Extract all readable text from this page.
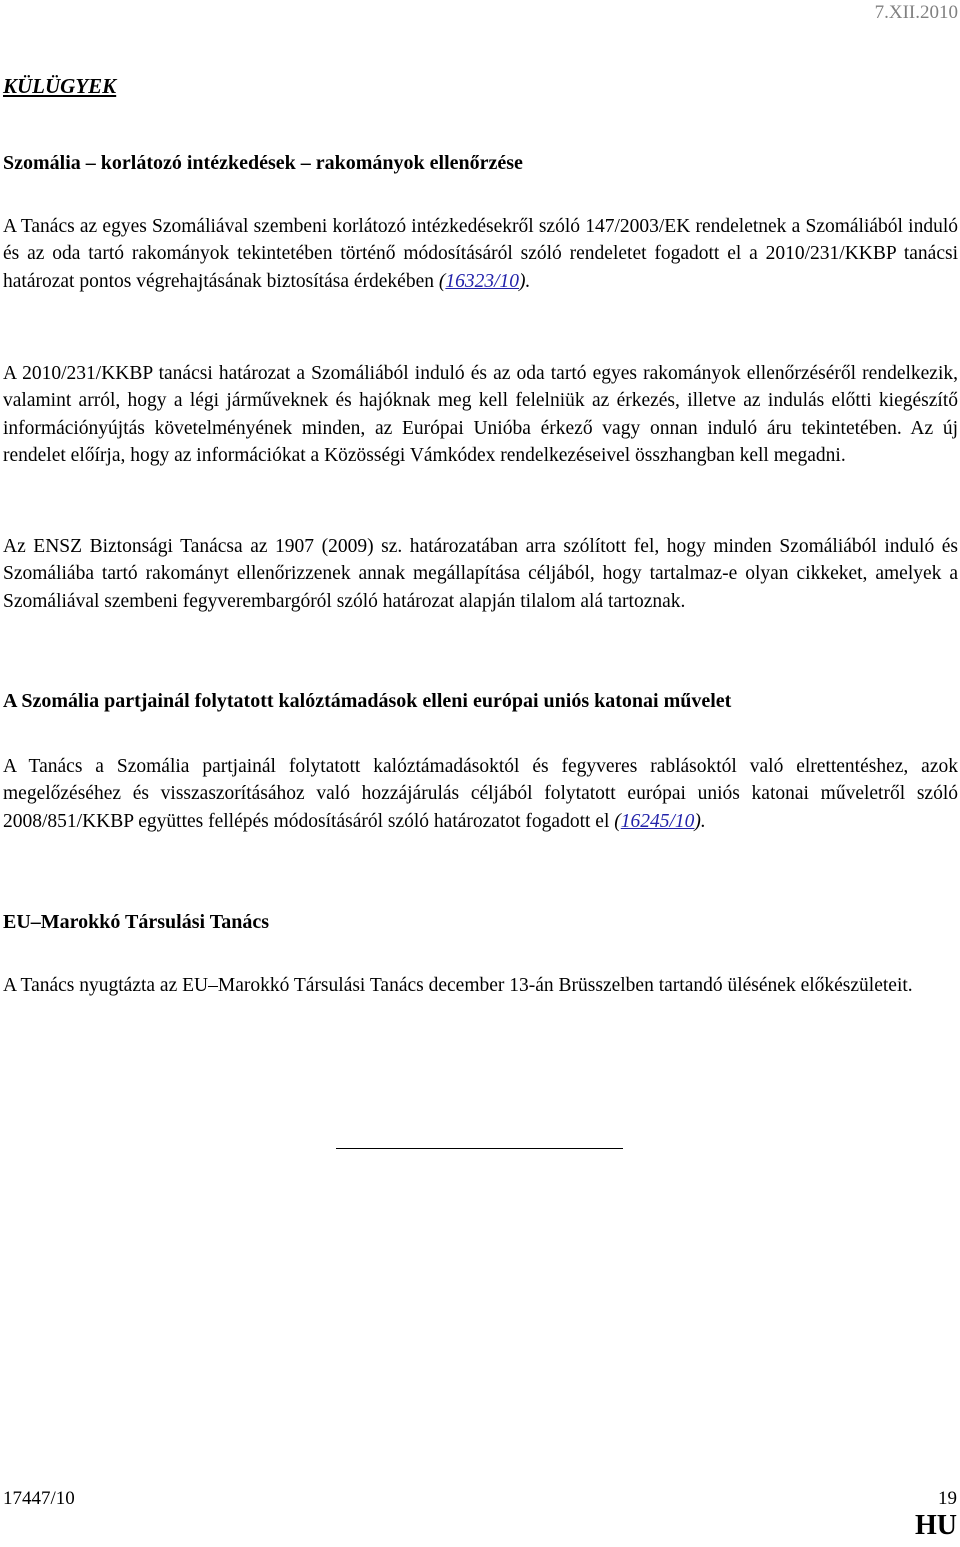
7.XII.2010
KÜLÜGYEK
Szomália – korlátozó intézkedések – rakományok ellenőrzése

A Tanács az egyes Szomáliával szembeni korlátozó intézkedésekről szóló 147/2003/EK rendeletnek a Szomáliából induló és az oda tartó rakományok tekintetében történő módosításáról szóló rendeletet fogadott el a 2010/231/KKBP tanácsi határozat pontos végrehajtásának biztosítása érdekében (16323/10).

A 2010/231/KKBP tanácsi határozat a Szomáliából induló és az oda tartó egyes rakományok ellenőrzéséről rendelkezik, valamint arról, hogy a légi járműveknek és hajóknak meg kell felelniük az érkezés, illetve az indulás előtti kiegészítő információnyújtás követelményének minden, az Európai Unióba érkező vagy onnan induló áru tekintetében. Az új rendelet előírja, hogy az információkat a Közösségi Vámkódex rendelkezéseivel összhangban kell megadni.

Az ENSZ Biztonsági Tanácsa az 1907 (2009) sz. határozatában arra szólított fel, hogy minden Szomáliából induló és Szomáliába tartó rakományt ellenőrizzenek annak megállapítása céljából, hogy tartalmaz-e olyan cikkeket, amelyek a Szomáliával szembeni fegyverembargóról szóló határozat alapján tilalom alá tartoznak.

A Szomália partjainál folytatott kalóztámadások elleni európai uniós katonai művelet

A Tanács a Szomália partjainál folytatott kalóztámadásoktól és fegyveres rablásoktól való elrettentéshez, azok megelőzéséhez és visszaszorításához való hozzájárulás céljából folytatott európai uniós katonai műveletről szóló 2008/851/KKBP együttes fellépés módosításáról szóló határozatot fogadott el (16245/10).

EU–Marokkó Társulási Tanács

A Tanács nyugtázta az EU–Marokkó Társulási Tanács december 13-án Brüsszelben tartandó ülésének előkészületeit.

17447/10	19
HU
